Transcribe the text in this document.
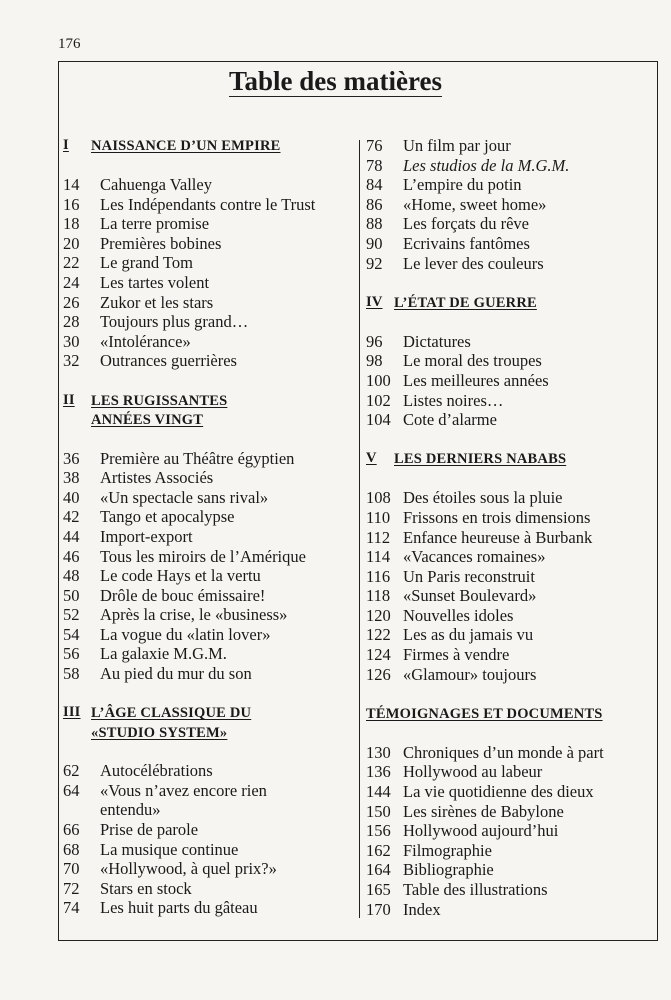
176
Table des matières
I	NAISSANCE D’UN EMPIRE
14	Cahuenga Valley
16	Les Indépendants contre le Trust
18	La terre promise
20	Premières bobines
22	Le grand Tom
24	Les tartes volent
26	Zukor et les stars
28	Toujours plus grand…
30	«Intolérance»
32	Outrances guerrières
II	LES RUGISSANTES
ANNÉES VINGT
36	Première au Théâtre égyptien
38	Artistes Associés
40	«Un spectacle sans rival»
42	Tango et apocalypse
44	Import-export
46	Tous les miroirs de l’Amérique
48	Le code Hays et la vertu
50	Drôle de bouc émissaire!
52	Après la crise, le «business»
54	La vogue du «latin lover»
56	La galaxie M.G.M.
58	Au pied du mur du son
III L’ÂGE CLASSIQUE DU
«STUDIO SYSTEM»
62	Autocélébrations
64	«Vous n’avez encore rien
entendu»
66	Prise de parole
68	La musique continue
70	«Hollywood, à quel prix?»
72	Stars en stock
74	Les huit parts du gâteau
76	Un film par jour
78	Les studios de la M.G.M.
84	L’empire du potin
86	«Home, sweet home»
88	Les forçats du rêve
90	Ecrivains fantômes
92	Le lever des couleurs
IV L’ÉTAT DE GUERRE
96	Dictatures
98	Le moral des troupes
100 Les meilleures années
102 Listes noires…
104 Cote d’alarme
V	LES DERNIERS NABABS
108 Des étoiles sous la pluie
110 Frissons en trois dimensions
112 Enfance heureuse à Burbank
114 «Vacances romaines»
116 Un Paris reconstruit
118 «Sunset Boulevard»
120 Nouvelles idoles
122 Les as du jamais vu
124 Firmes à vendre
126 «Glamour» toujours
TÉMOIGNAGES ET DOCUMENTS
130 Chroniques d’un monde à part
136 Hollywood au labeur
144 La vie quotidienne des dieux
150 Les sirènes de Babylone
156 Hollywood aujourd’hui
162 Filmographie
164 Bibliographie
165 Table des illustrations
170 Index
